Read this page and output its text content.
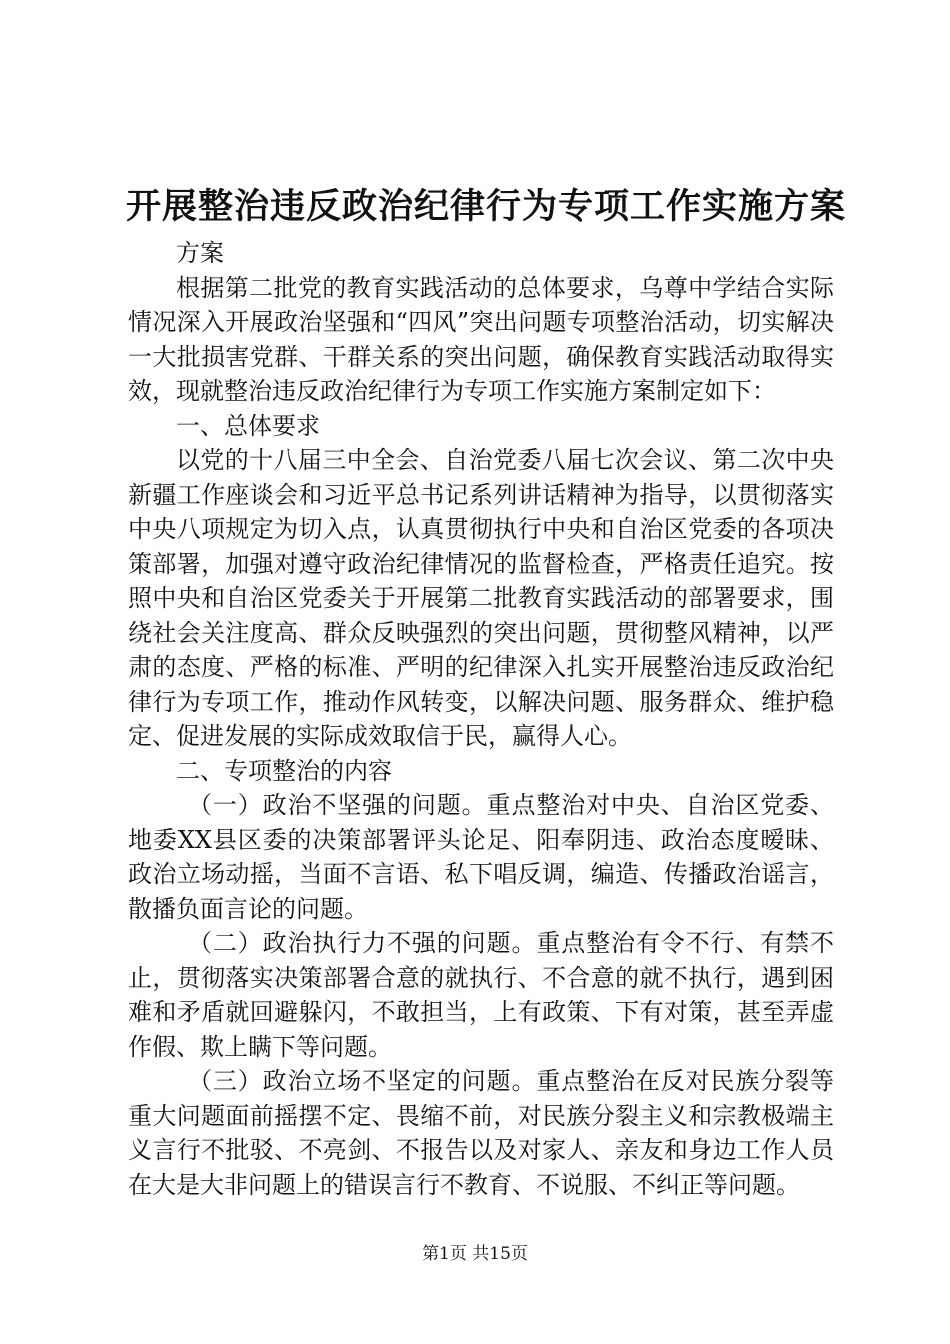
开展整治违反政治纪律行为专项工作实施方案

方案

根据第二批党的教育实践活动的总体要求，乌尊中学结合实际情况深入开展政治坚强和“四风”突出问题专项整治活动，切实解决一大批损害党群、干群关系的突出问题，确保教育实践活动取得实效，现就整治违反政治纪律行为专项工作实施方案制定如下：

一、总体要求

以党的十八届三中全会、自治党委八届七次会议、第二次中央新疆工作座谈会和习近平总书记系列讲话精神为指导，以贯彻落实中央八项规定为切入点，认真贯彻执行中央和自治区党委的各项决策部署，加强对遵守政治纪律情况的监督检查，严格责任追究。按照中央和自治区党委关于开展第二批教育实践活动的部署要求，围绕社会关注度高、群众反映强烈的突出问题，贯彻整风精神，以严肃的态度、严格的标准、严明的纪律深入扎实开展整治违反政治纪律行为专项工作，推动作风转变，以解决问题、服务群众、维护稳定、促进发展的实际成效取信于民，赢得人心。

二、专项整治的内容

（一）政治不坚强的问题。重点整治对中央、自治区党委、地委XX县区委的决策部署评头论足、阳奉阴违、政治态度暧昧、政治立场动摇，当面不言语、私下唱反调，编造、传播政治谣言，散播负面言论的问题。

（二）政治执行力不强的问题。重点整治有令不行、有禁不止，贯彻落实决策部署合意的就执行、不合意的就不执行，遇到困难和矛盾就回避躲闪，不敢担当，上有政策、下有对策，甚至弄虚作假、欺上瞒下等问题。

（三）政治立场不坚定的问题。重点整治在反对民族分裂等重大问题面前摇摆不定、畏缩不前，对民族分裂主义和宗教极端主义言行不批驳、不亮剑、不报告以及对家人、亲友和身边工作人员在大是大非问题上的错误言行不教育、不说服、不纠正等问题。

第1页 共15页
